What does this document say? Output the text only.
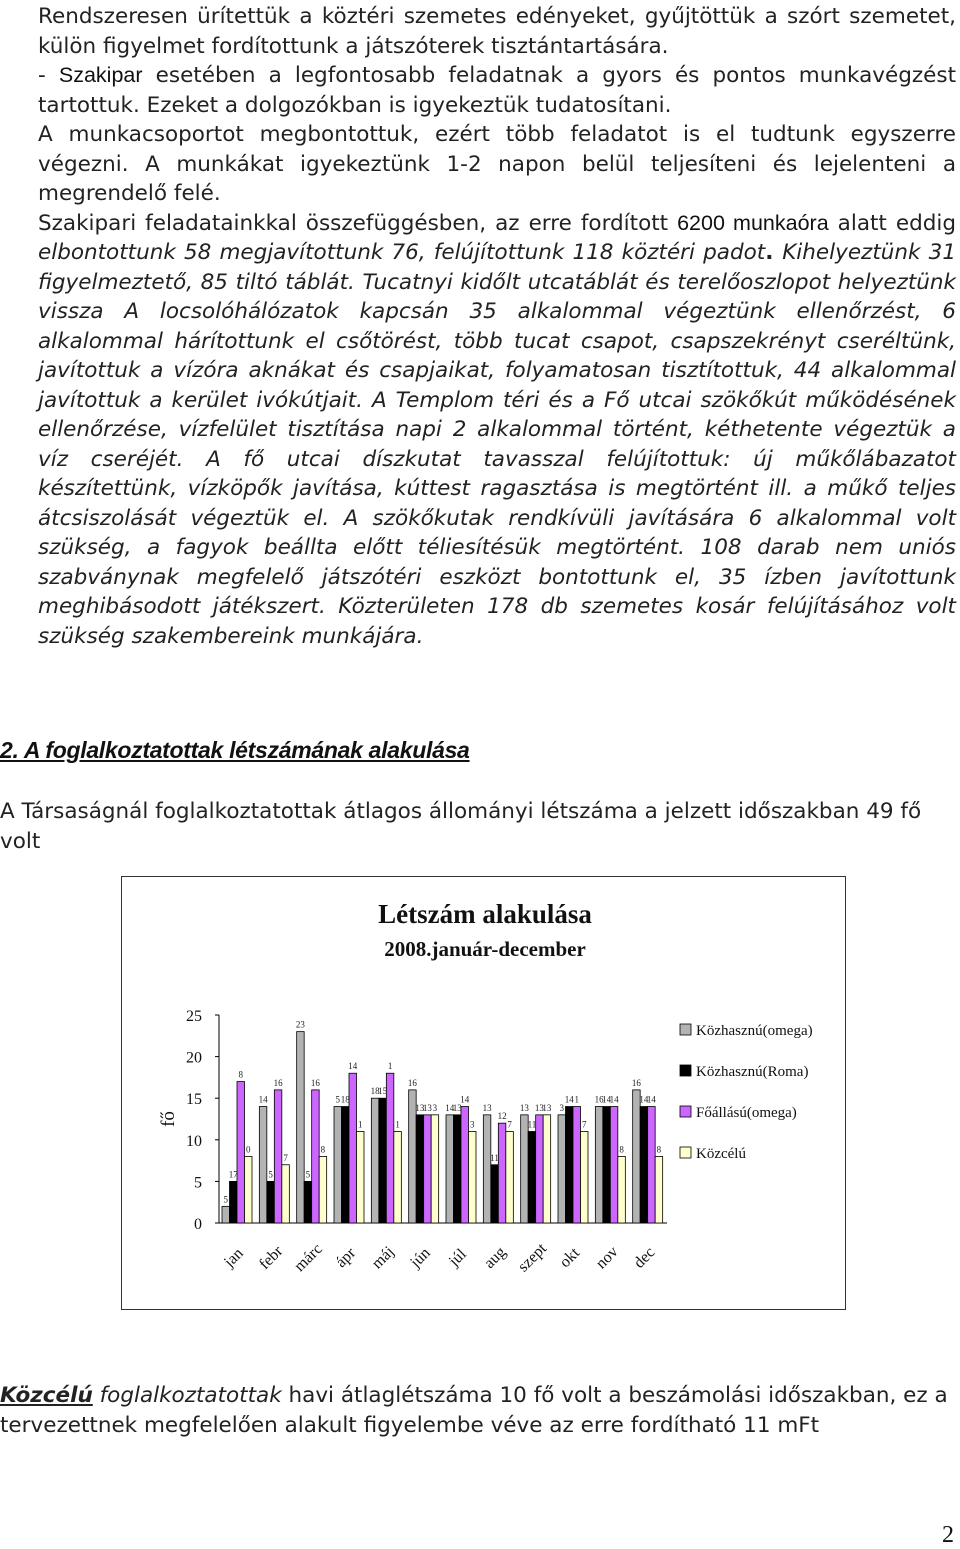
Rendszeresen ürítettük a köztéri szemetes edényeket, gyűjtöttük a szórt szemetet, külön figyelmet fordítottunk a játszóterek tisztántartására.
- Szakipar esetében a legfontosabb feladatnak a gyors és pontos munkavégzést tartottuk. Ezeket a dolgozókban is igyekeztük tudatosítani.
A munkacsoportot megbontottuk, ezért több feladatot is el tudtunk egyszerre végezni. A munkákat igyekeztünk 1-2 napon belül teljesíteni és lejelenteni a megrendelő felé.
Szakipari feladatainkkal összefüggésben, az erre fordított 6200 munkaóra alatt eddig elbontottunk 58 megjavítottunk 76, felújítottunk 118 köztéri padot. Kihelyeztünk 31 figyelmeztető, 85 tiltó táblát. Tucatnyi kidőlt utcatáblát és terelőoszlopot helyeztünk vissza A locsolóhálózatok kapcsán 35 alkalommal végeztünk ellenőrzést, 6 alkalommal hárítottunk el csőtörést, több tucat csapot, csapszekrényt cseréltünk, javítottuk a vízóra aknákat és csapjaikat, folyamatosan tisztítottuk, 44 alkalommal javítottuk a kerület ivókútjait. A Templom téri és a Fő utcai szökőkút működésének ellenőrzése, vízfelület tisztítása napi 2 alkalommal történt, kéthetente végeztük a víz cseréjét. A fő utcai díszkutat tavasszal felújítottuk: új műkőlábazatot készítettünk, vízköpők javítása, kúttest ragasztása is megtörtént ill. a műkő teljes átcsiszolását végeztük el. A szökőkutak rendkívüli javítására 6 alkalommal volt szükség, a fagyok beállta előtt téliesítésük megtörtént. 108 darab nem uniós szabványnak megfelelő játszótéri eszközt bontottunk el, 35 ízben javítottunk meghibásodott játékszert. Közterületen 178 db szemetes kosár felújításához volt szükség szakembereink munkájára.

2. A foglalkoztatottak létszámának alakulása

A Társaságnál foglalkoztatottak átlagos állományi létszáma a jelzett időszakban 49 fő volt

Létszám alakulása
2008.január-december
0
5
10
15
20
25
fő
jan febr márc ápr máj jún júl aug szept okt nov dec
5
17
8
0
14
5
16
7
23
5
16
8
5 18
14
1
18
15
1
1
16
13
13 3 14
13
14
3
13
11
12
7
13
11
13
13 3
14 1
7
16
14
14
8
16
14
14
8
Közhasznú(omega)
Közhasznú(Roma)
Főállású(omega)
Közcélú

Közcélú foglalkoztatottak havi átlaglétszáma 10 fő volt a beszámolási időszakban, ez a tervezettnek megfelelően alakult figyelembe véve az erre fordítható 11 mFt

2
